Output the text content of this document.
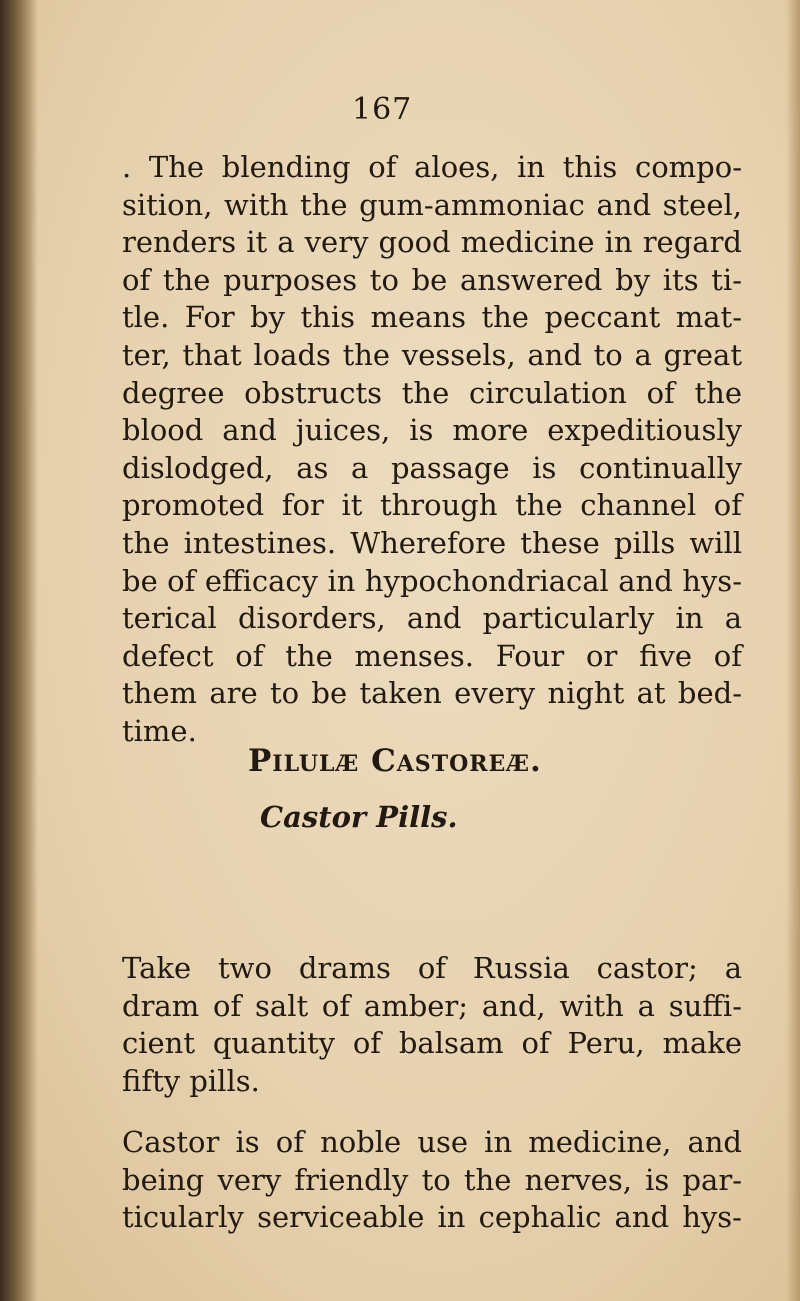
167

. The blending of aloes, in this compo-
sition, with the gum-ammoniac and steel,
renders it a very good medicine in regard
of the purposes to be answered by its ti-
tle. For by this means the peccant mat-
ter, that loads the vessels, and to a great
degree obstructs the circulation of the
blood and juices, is more expeditiously
dislodged, as a passage is continually
promoted for it through the channel of
the intestines. Wherefore these pills will
be of efficacy in hypochondriacal and hys-
terical disorders, and particularly in a
defect of the menses. Four or five of
them are to be taken every night at bed-
time.

Pilulæ Castoreæ.
Castor Pills.

Take two drams of Russia castor; a
dram of salt of amber; and, with a suffi-
cient quantity of balsam of Peru, make
fifty pills.

Castor is of noble use in medicine, and
being very friendly to the nerves, is par-
ticularly serviceable in cephalic and hys-
